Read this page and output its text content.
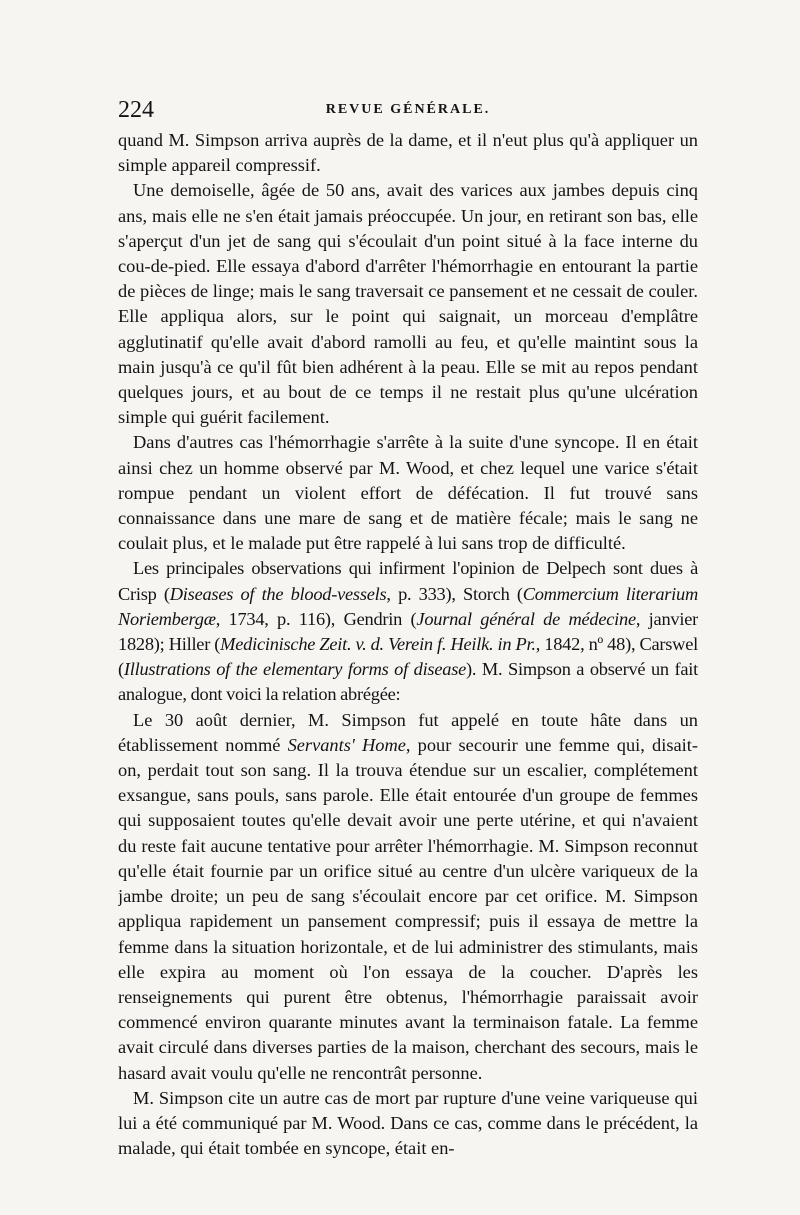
224	REVUE GÉNÉRALE.

quand M. Simpson arriva auprès de la dame, et il n'eut plus qu'à appliquer un simple appareil compressif.

Une demoiselle, âgée de 50 ans, avait des varices aux jambes depuis cinq ans, mais elle ne s'en était jamais préoccupée. Un jour, en retirant son bas, elle s'aperçut d'un jet de sang qui s'écoulait d'un point situé à la face interne du cou-de-pied. Elle essaya d'abord d'arrêter l'hémorrhagie en entourant la partie de pièces de linge; mais le sang traversait ce pansement et ne cessait de couler. Elle appliqua alors, sur le point qui saignait, un morceau d'emplâtre agglutinatif qu'elle avait d'abord ramolli au feu, et qu'elle maintint sous la main jusqu'à ce qu'il fût bien adhérent à la peau. Elle se mit au repos pendant quelques jours, et au bout de ce temps il ne restait plus qu'une ulcération simple qui guérit facilement.

Dans d'autres cas l'hémorrhagie s'arrête à la suite d'une syncope. Il en était ainsi chez un homme observé par M. Wood, et chez lequel une varice s'était rompue pendant un violent effort de défécation. Il fut trouvé sans connaissance dans une mare de sang et de matière fécale; mais le sang ne coulait plus, et le malade put être rappelé à lui sans trop de difficulté.

Les principales observations qui infirment l'opinion de Delpech sont dues à Crisp (Diseases of the blood-vessels, p. 333), Storch (Commercium literarium Noriembergæ, 1734, p. 116), Gendrin (Journal général de médecine, janvier 1828); Hiller (Medicinische Zeit. v. d. Verein f. Heilk. in Pr., 1842, nº 48), Carswel (Illustrations of the elementary forms of disease). M. Simpson a observé un fait analogue, dont voici la relation abrégée:

Le 30 août dernier, M. Simpson fut appelé en toute hâte dans un établissement nommé Servants' Home, pour secourir une femme qui, disait-on, perdait tout son sang. Il la trouva étendue sur un escalier, complétement exsangue, sans pouls, sans parole. Elle était entourée d'un groupe de femmes qui supposaient toutes qu'elle devait avoir une perte utérine, et qui n'avaient du reste fait aucune tentative pour arrêter l'hémorrhagie. M. Simpson reconnut qu'elle était fournie par un orifice situé au centre d'un ulcère variqueux de la jambe droite; un peu de sang s'écoulait encore par cet orifice. M. Simpson appliqua rapidement un pansement compressif; puis il essaya de mettre la femme dans la situation horizontale, et de lui administrer des stimulants, mais elle expira au moment où l'on essaya de la coucher. D'après les renseignements qui purent être obtenus, l'hémorrhagie paraissait avoir commencé environ quarante minutes avant la terminaison fatale. La femme avait circulé dans diverses parties de la maison, cherchant des secours, mais le hasard avait voulu qu'elle ne rencontrât personne.

M. Simpson cite un autre cas de mort par rupture d'une veine variqueuse qui lui a été communiqué par M. Wood. Dans ce cas, comme dans le précédent, la malade, qui était tombée en syncope, était en-
